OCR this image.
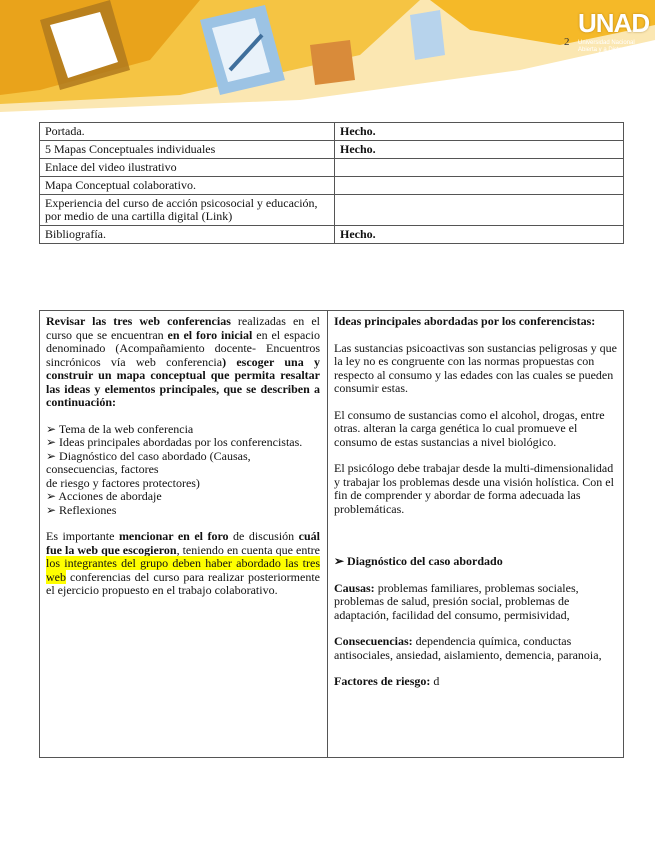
2
UNAD
Universidad Nacional
Abierta y a Distancia
Portada.	Hecho.
5 Mapas Conceptuales individuales	Hecho.
Enlace del video ilustrativo	
Mapa Conceptual colaborativo.	
Experiencia del curso de acción psicosocial y educación, por medio de una cartilla digital (Link)	
Bibliografía.	Hecho.

Revisar las tres web conferencias realizadas en el curso que se encuentran en el foro inicial en el espacio denominado (Acompañamiento docente- Encuentros sincrónicos vía web conferencia) escoger una y construir un mapa conceptual que permita resaltar las ideas y elementos principales, que se describen a continuación:

➢ Tema de la web conferencia

➢ Ideas principales abordadas por los conferencistas.

➢ Diagnóstico del caso abordado (Causas, consecuencias, factores

de riesgo y factores protectores)

➢ Acciones de abordaje

➢ Reflexiones

Es importante mencionar en el foro de discusión cuál fue la web que escogieron, teniendo en cuenta que entre los integrantes del grupo deben haber abordado las tres web conferencias del curso para realizar posteriormente el ejercicio propuesto en el trabajo colaborativo.

Ideas principales abordadas por los conferencistas:

Las sustancias psicoactivas son sustancias peligrosas y que la ley no es congruente con las normas propuestas con respecto al consumo y las edades con las cuales se pueden consumir estas.

El consumo de sustancias como el alcohol, drogas, entre otras. alteran la carga genética lo cual promueve el consumo de estas sustancias a nivel biológico.

El psicólogo debe trabajar desde la multi-dimensionalidad y trabajar los problemas desde una visión holística. Con el fin de comprender y abordar de forma adecuada las problemáticas.

➢ Diagnóstico del caso abordado

Causas: problemas familiares, problemas sociales, problemas de salud, presión social, problemas de adaptación, facilidad del consumo, permisividad,

Consecuencias: dependencia química, conductas antisociales, ansiedad, aislamiento, demencia, paranoia,

Factores de riesgo: d
